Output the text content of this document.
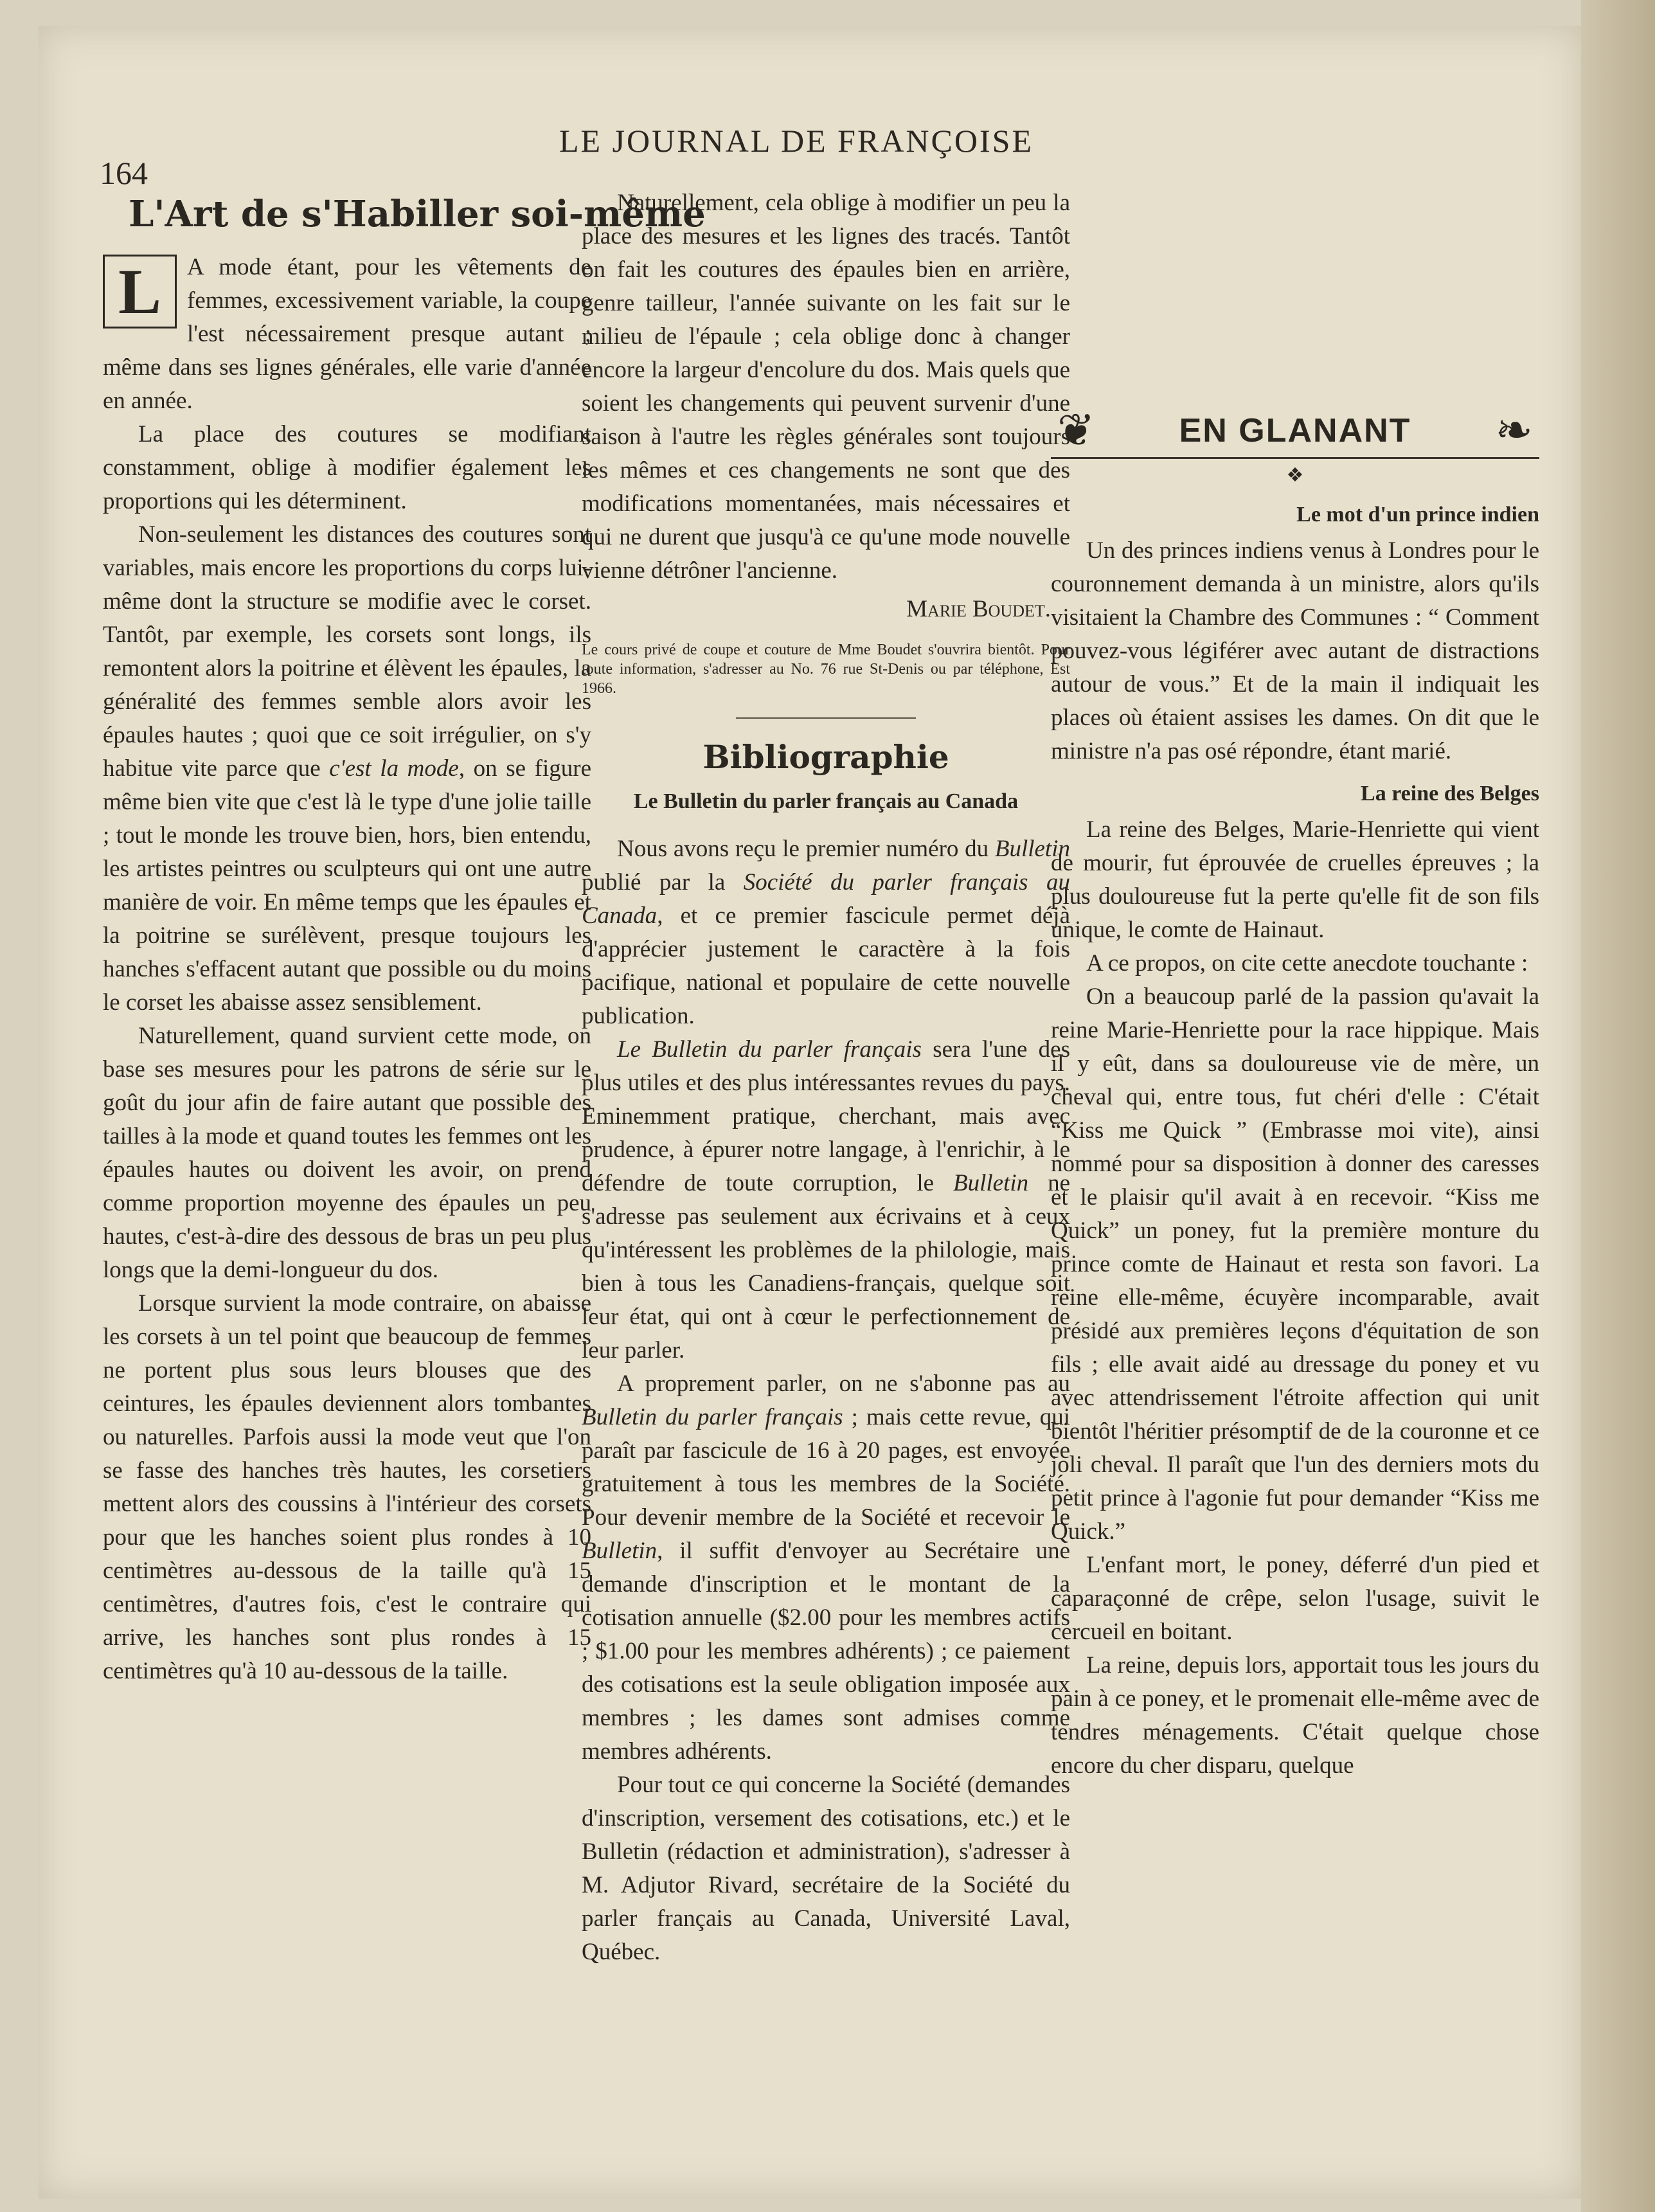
164
LE JOURNAL DE FRANÇOISE
L'Art de s'Habiller soi-même

L	A mode étant, pour les vêtements de femmes, excessivement variable, la coupe l'est nécessairement presque autant ; même dans ses lignes générales, elle varie d'année en année.

La place des coutures se modifiant constamment, oblige à modifier également les proportions qui les déterminent.

Non-seulement les distances des coutures sont variables, mais encore les proportions du corps lui-même dont la structure se modifie avec le corset. Tantôt, par exemple, les corsets sont longs, ils remontent alors la poitrine et élèvent les épaules, la généralité des femmes semble alors avoir les épaules hautes ; quoi que ce soit irrégulier, on s'y habitue vite parce que c'est la mode, on se figure même bien vite que c'est là le type d'une jolie taille ; tout le monde les trouve bien, hors, bien entendu, les artistes peintres ou sculpteurs qui ont une autre manière de voir. En même temps que les épaules et la poitrine se surélèvent, presque toujours les hanches s'effacent autant que possible ou du moins le corset les abaisse assez sensiblement.

Naturellement, quand survient cette mode, on base ses mesures pour les patrons de série sur le goût du jour afin de faire autant que possible des tailles à la mode et quand toutes les femmes ont les épaules hautes ou doivent les avoir, on prend comme proportion moyenne des épaules un peu hautes, c'est-à-dire des dessous de bras un peu plus longs que la demi-longueur du dos.

Lorsque survient la mode contraire, on abaisse les corsets à un tel point que beaucoup de femmes ne portent plus sous leurs blouses que des ceintures, les épaules deviennent alors tombantes ou naturelles. Parfois aussi la mode veut que l'on se fasse des hanches très hautes, les corsetiers mettent alors des coussins à l'intérieur des corsets pour que les hanches soient plus rondes à 10 centimètres au-dessous de la taille qu'à 15 centimètres, d'autres fois, c'est le contraire qui arrive, les hanches sont plus rondes à 15 centimètres qu'à 10 au-dessous de la taille.

Naturellement, cela oblige à modifier un peu la place des mesures et les lignes des tracés. Tantôt on fait les coutures des épaules bien en arrière, genre tailleur, l'année suivante on les fait sur le milieu de l'épaule ; cela oblige donc à changer encore la largeur d'encolure du dos. Mais quels que soient les changements qui peuvent survenir d'une saison à l'autre les règles générales sont toujours les mêmes et ces changements ne sont que des modifications momentanées, mais nécessaires et qui ne durent que jusqu'à ce qu'une mode nouvelle vienne détrôner l'ancienne.

Marie Boudet.

Le cours privé de coupe et couture de Mme Boudet s'ouvrira bientôt. Pour toute information, s'adresser au No. 76 rue St-Denis ou par téléphone, Est 1966.

Bibliographie
Le Bulletin du parler français au Canada

Nous avons reçu le premier numéro du Bulletin publié par la Société du parler français au Canada, et ce premier fascicule permet déjà d'apprécier justement le caractère à la fois pacifique, national et populaire de cette nouvelle publication.

Le Bulletin du parler français sera l'une des plus utiles et des plus intéressantes revues du pays. Eminemment pratique, cherchant, mais avec prudence, à épurer notre langage, à l'enrichir, à le défendre de toute corruption, le Bulletin ne s'adresse pas seulement aux écrivains et à ceux qu'intéressent les problèmes de la philologie, mais bien à tous les Canadiens-français, quelque soit leur état, qui ont à cœur le perfectionnement de leur parler.

A proprement parler, on ne s'abonne pas au Bulletin du parler français ; mais cette revue, qui paraît par fascicule de 16 à 20 pages, est envoyée gratuitement à tous les membres de la Société. Pour devenir membre de la Société et recevoir le Bulletin, il suffit d'envoyer au Secrétaire une demande d'inscription et le montant de la cotisation annuelle ($2.00 pour les membres actifs ; $1.00 pour les membres adhérents) ; ce paiement des cotisations est la seule obligation imposée aux membres ; les dames sont admises comme membres adhérents.

Pour tout ce qui concerne la Société (demandes d'inscription, versement des cotisations, etc.) et le Bulletin (rédaction et administration), s'adresser à M. Adjutor Rivard, secrétaire de la Société du parler français au Canada, Université Laval, Québec.

❦	EN GLANANT ❧
❖
Le mot d'un prince indien

Un des princes indiens venus à Londres pour le couronnement demanda à un ministre, alors qu'ils visitaient la Chambre des Communes : “ Comment pouvez-vous légiférer avec autant de distractions autour de vous.” Et de la main il indiquait les places où étaient assises les dames. On dit que le ministre n'a pas osé répondre, étant marié.

La reine des Belges

La reine des Belges, Marie-Henriette qui vient de mourir, fut éprouvée de cruelles épreuves ; la plus douloureuse fut la perte qu'elle fit de son fils unique, le comte de Hainaut.

A ce propos, on cite cette anecdote touchante :

On a beaucoup parlé de la passion qu'avait la reine Marie-Henriette pour la race hippique. Mais il y eût, dans sa douloureuse vie de mère, un cheval qui, entre tous, fut chéri d'elle : C'était “Kiss me Quick ” (Embrasse moi vite), ainsi nommé pour sa disposition à donner des caresses et le plaisir qu'il avait à en recevoir. “Kiss me Quick” un poney, fut la première monture du prince comte de Hainaut et resta son favori. La reine elle-même, écuyère incomparable, avait présidé aux premières leçons d'équitation de son fils ; elle avait aidé au dressage du poney et vu avec attendrissement l'étroite affection qui unit bientôt l'héritier présomptif de de la couronne et ce joli cheval. Il paraît que l'un des derniers mots du petit prince à l'agonie fut pour demander “Kiss me Quick.”

L'enfant mort, le poney, déferré d'un pied et caparaçonné de crêpe, selon l'usage, suivit le cercueil en boitant.

La reine, depuis lors, apportait tous les jours du pain à ce poney, et le promenait elle-même avec de tendres ménagements. C'était quelque chose encore du cher disparu, quelque
